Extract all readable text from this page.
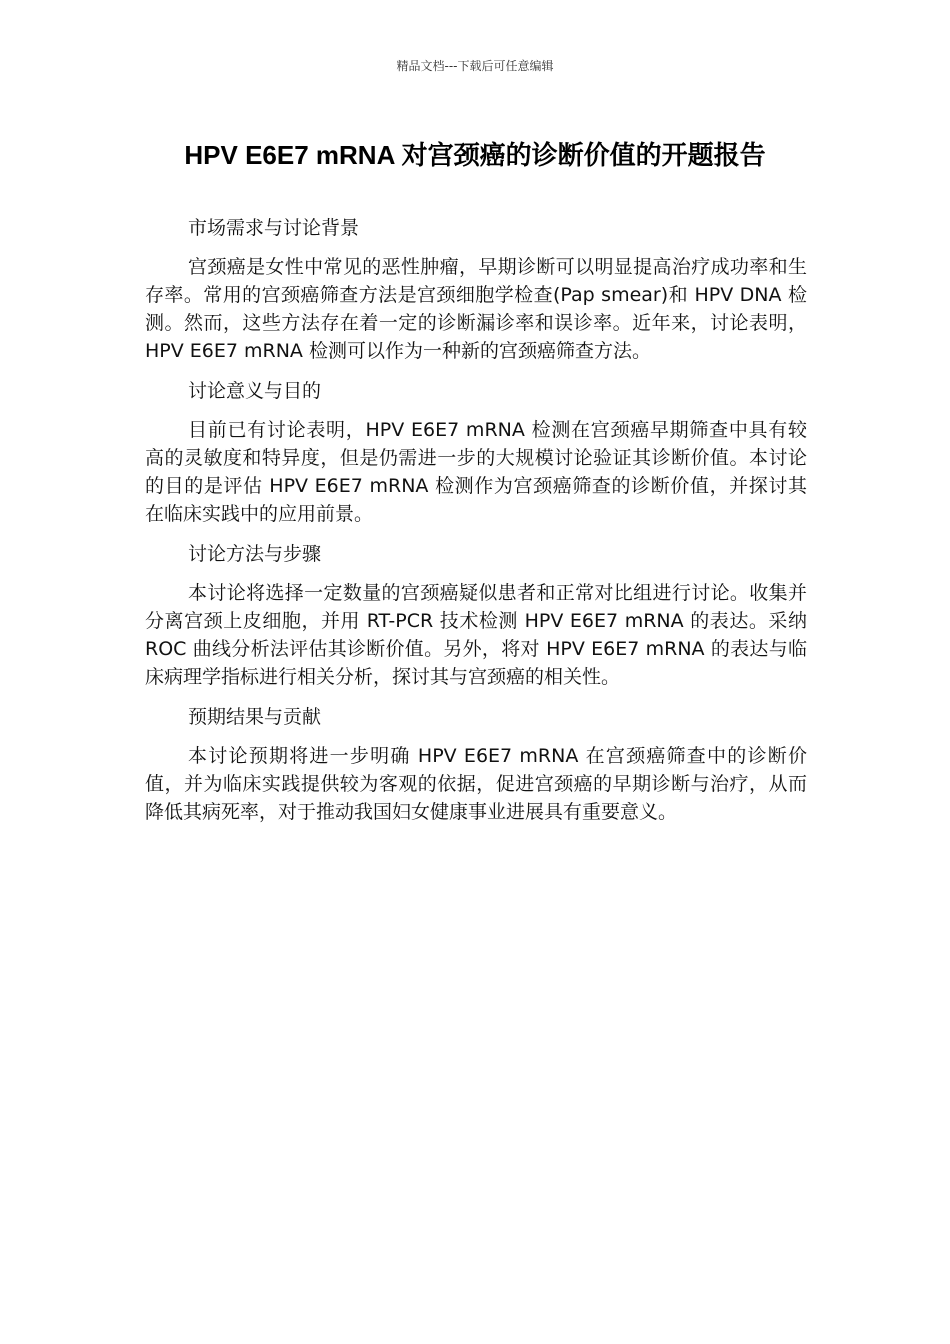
精品文档---下载后可任意编辑
HPV E6E7 mRNA 对宫颈癌的诊断价值的开题报告

市场需求与讨论背景

宫颈癌是女性中常见的恶性肿瘤，早期诊断可以明显提高治疗成功率和生存率。常用的宫颈癌筛查方法是宫颈细胞学检查(Pap smear)和 HPV DNA 检测。然而，这些方法存在着一定的诊断漏诊率和误诊率。近年来，讨论表明，HPV E6E7 mRNA 检测可以作为一种新的宫颈癌筛查方法。

讨论意义与目的

目前已有讨论表明，HPV E6E7 mRNA 检测在宫颈癌早期筛查中具有较高的灵敏度和特异度，但是仍需进一步的大规模讨论验证其诊断价值。本讨论的目的是评估 HPV E6E7 mRNA 检测作为宫颈癌筛查的诊断价值，并探讨其在临床实践中的应用前景。

讨论方法与步骤

本讨论将选择一定数量的宫颈癌疑似患者和正常对比组进行讨论。收集并分离宫颈上皮细胞，并用 RT-PCR 技术检测 HPV E6E7 mRNA 的表达。采纳 ROC 曲线分析法评估其诊断价值。另外，将对 HPV E6E7 mRNA 的表达与临床病理学指标进行相关分析，探讨其与宫颈癌的相关性。

预期结果与贡献

本讨论预期将进一步明确 HPV E6E7 mRNA 在宫颈癌筛查中的诊断价值，并为临床实践提供较为客观的依据，促进宫颈癌的早期诊断与治疗，从而降低其病死率，对于推动我国妇女健康事业进展具有重要意义。
